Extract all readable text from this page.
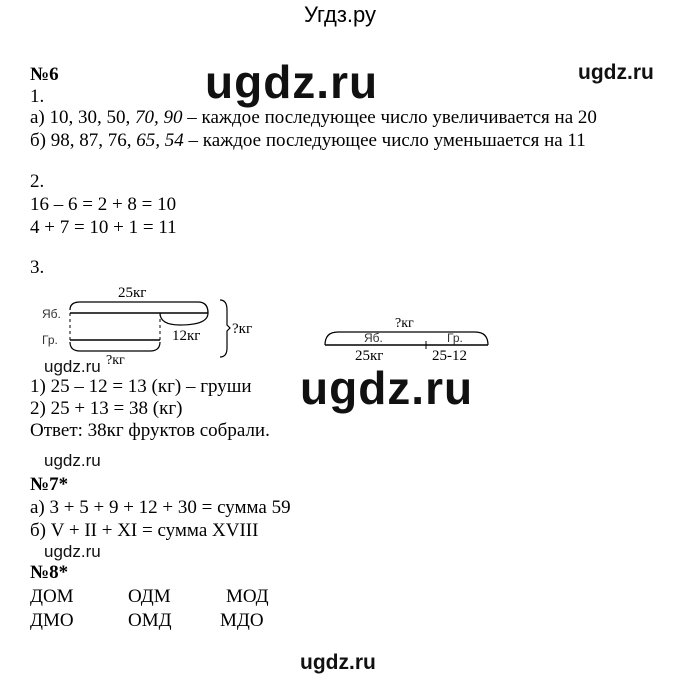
Угдз.ру
ugdz.ru	ugdz.ru
ugdz.ru
ugdz.ru
ugdz.ru
ugdz.ru
№6
1.
а) 10, 30, 50, 70, 90 – каждое последующее число увеличивается на 20
б) 98, 87, 76, 65, 54 – каждое последующее число уменьшается на 11
2.
16 – 6 = 2 + 8 = 10
4 + 7 = 10 + 1 = 11
3.
25кг
Яб.
Гр.	12кг
?кг
?кг	?кг
Яб.	Гр.
25кг	25-12
1) 25 – 12 = 13 (кг) – груши
2) 25 + 13 = 38 (кг)
Ответ: 38кг фруктов собрали.
№7*
а) 3 + 5 + 9 + 12 + 30 = сумма 59
б) V + II + XI = сумма XVIII
ugdz.ru
№8*
ДОМ	ОДМ	МОД
ДМО	ОМД	МДО
